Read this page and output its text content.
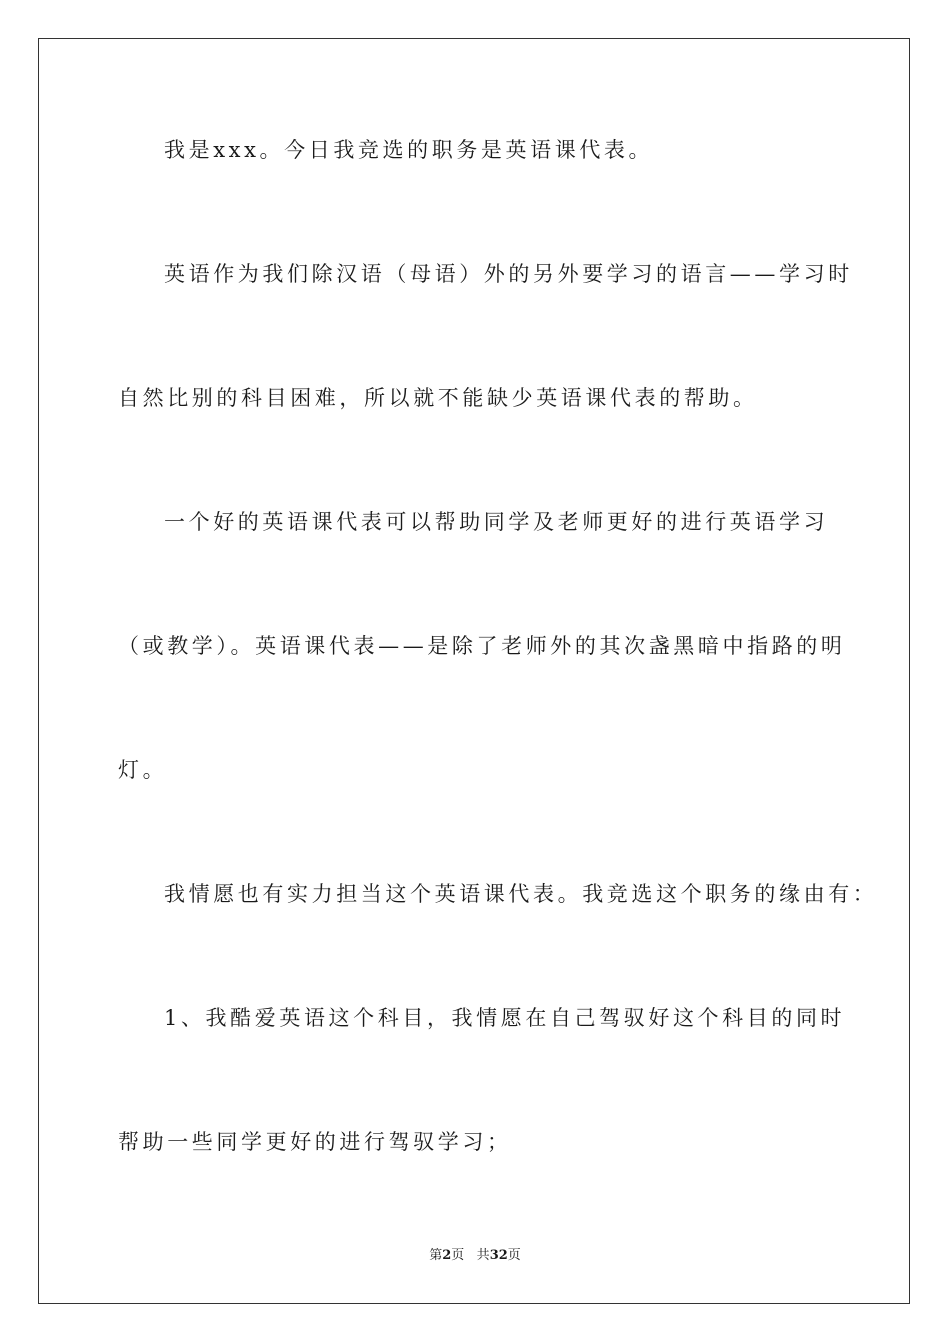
我是xxx。今日我竞选的职务是英语课代表。
英语作为我们除汉语（母语）外的另外要学习的语言——学习时
自然比别的科目困难，所以就不能缺少英语课代表的帮助。
一个好的英语课代表可以帮助同学及老师更好的进行英语学习
（或教学）。英语课代表——是除了老师外的其次盏黑暗中指路的明
灯。
我情愿也有实力担当这个英语课代表。我竞选这个职务的缘由有：
1、我酷爱英语这个科目，我情愿在自己驾驭好这个科目的同时
帮助一些同学更好的进行驾驭学习；
第2页 共32页
